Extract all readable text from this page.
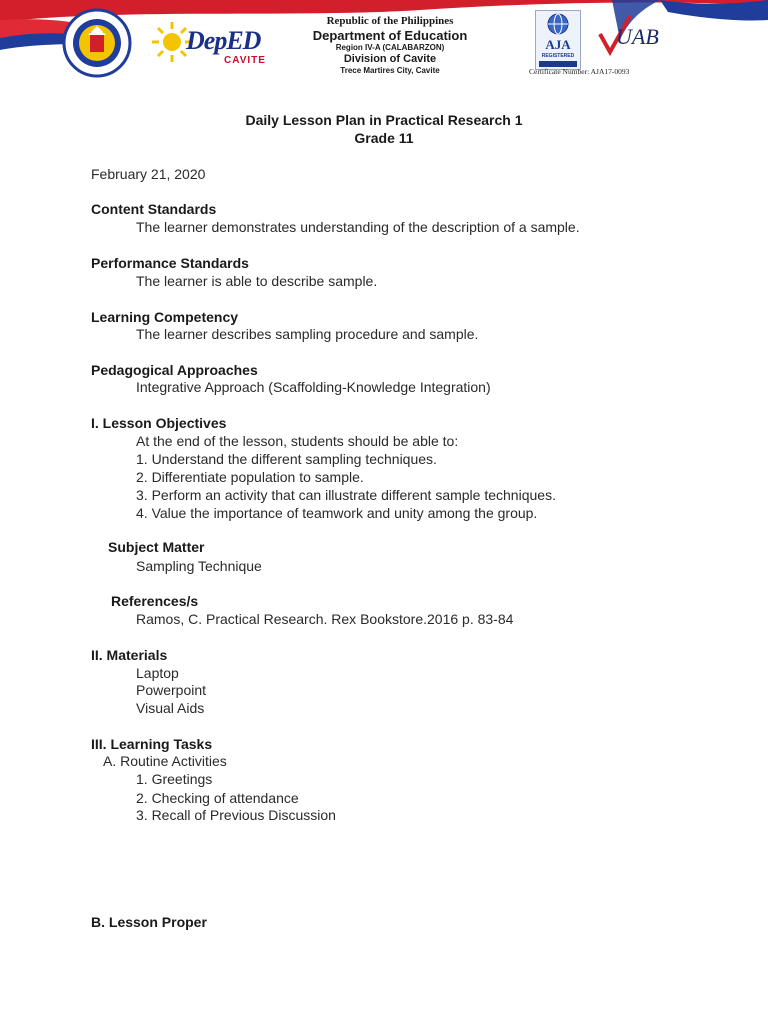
DepED
CAVITE
Republic of the Philippines
Department of Education
Region IV-A (CALABARZON)
Division of Cavite
Trece Martires City, Cavite
AJA
REGISTERED
UAB
Certificate Number: AJA17-0093
Daily Lesson Plan in Practical Research 1
Grade 11
February 21, 2020
Content Standards
The learner demonstrates understanding of the description of a sample.
Performance Standards
The learner is able to describe sample.
Learning Competency
The learner describes sampling procedure and sample.
Pedagogical Approaches
Integrative Approach (Scaffolding-Knowledge Integration)
I. Lesson Objectives
At the end of the lesson, students should be able to:
1. Understand the different sampling techniques.
2. Differentiate population to sample.
3. Perform an activity that can illustrate different sample techniques.
4. Value the importance of teamwork and unity among the group.
Subject Matter
Sampling Technique
References/s
Ramos, C. Practical Research. Rex Bookstore.2016 p. 83-84
II. Materials
Laptop
Powerpoint
Visual Aids
III. Learning Tasks
A. Routine Activities
1. Greetings
2. Checking of attendance
3. Recall of Previous Discussion
B. Lesson Proper
